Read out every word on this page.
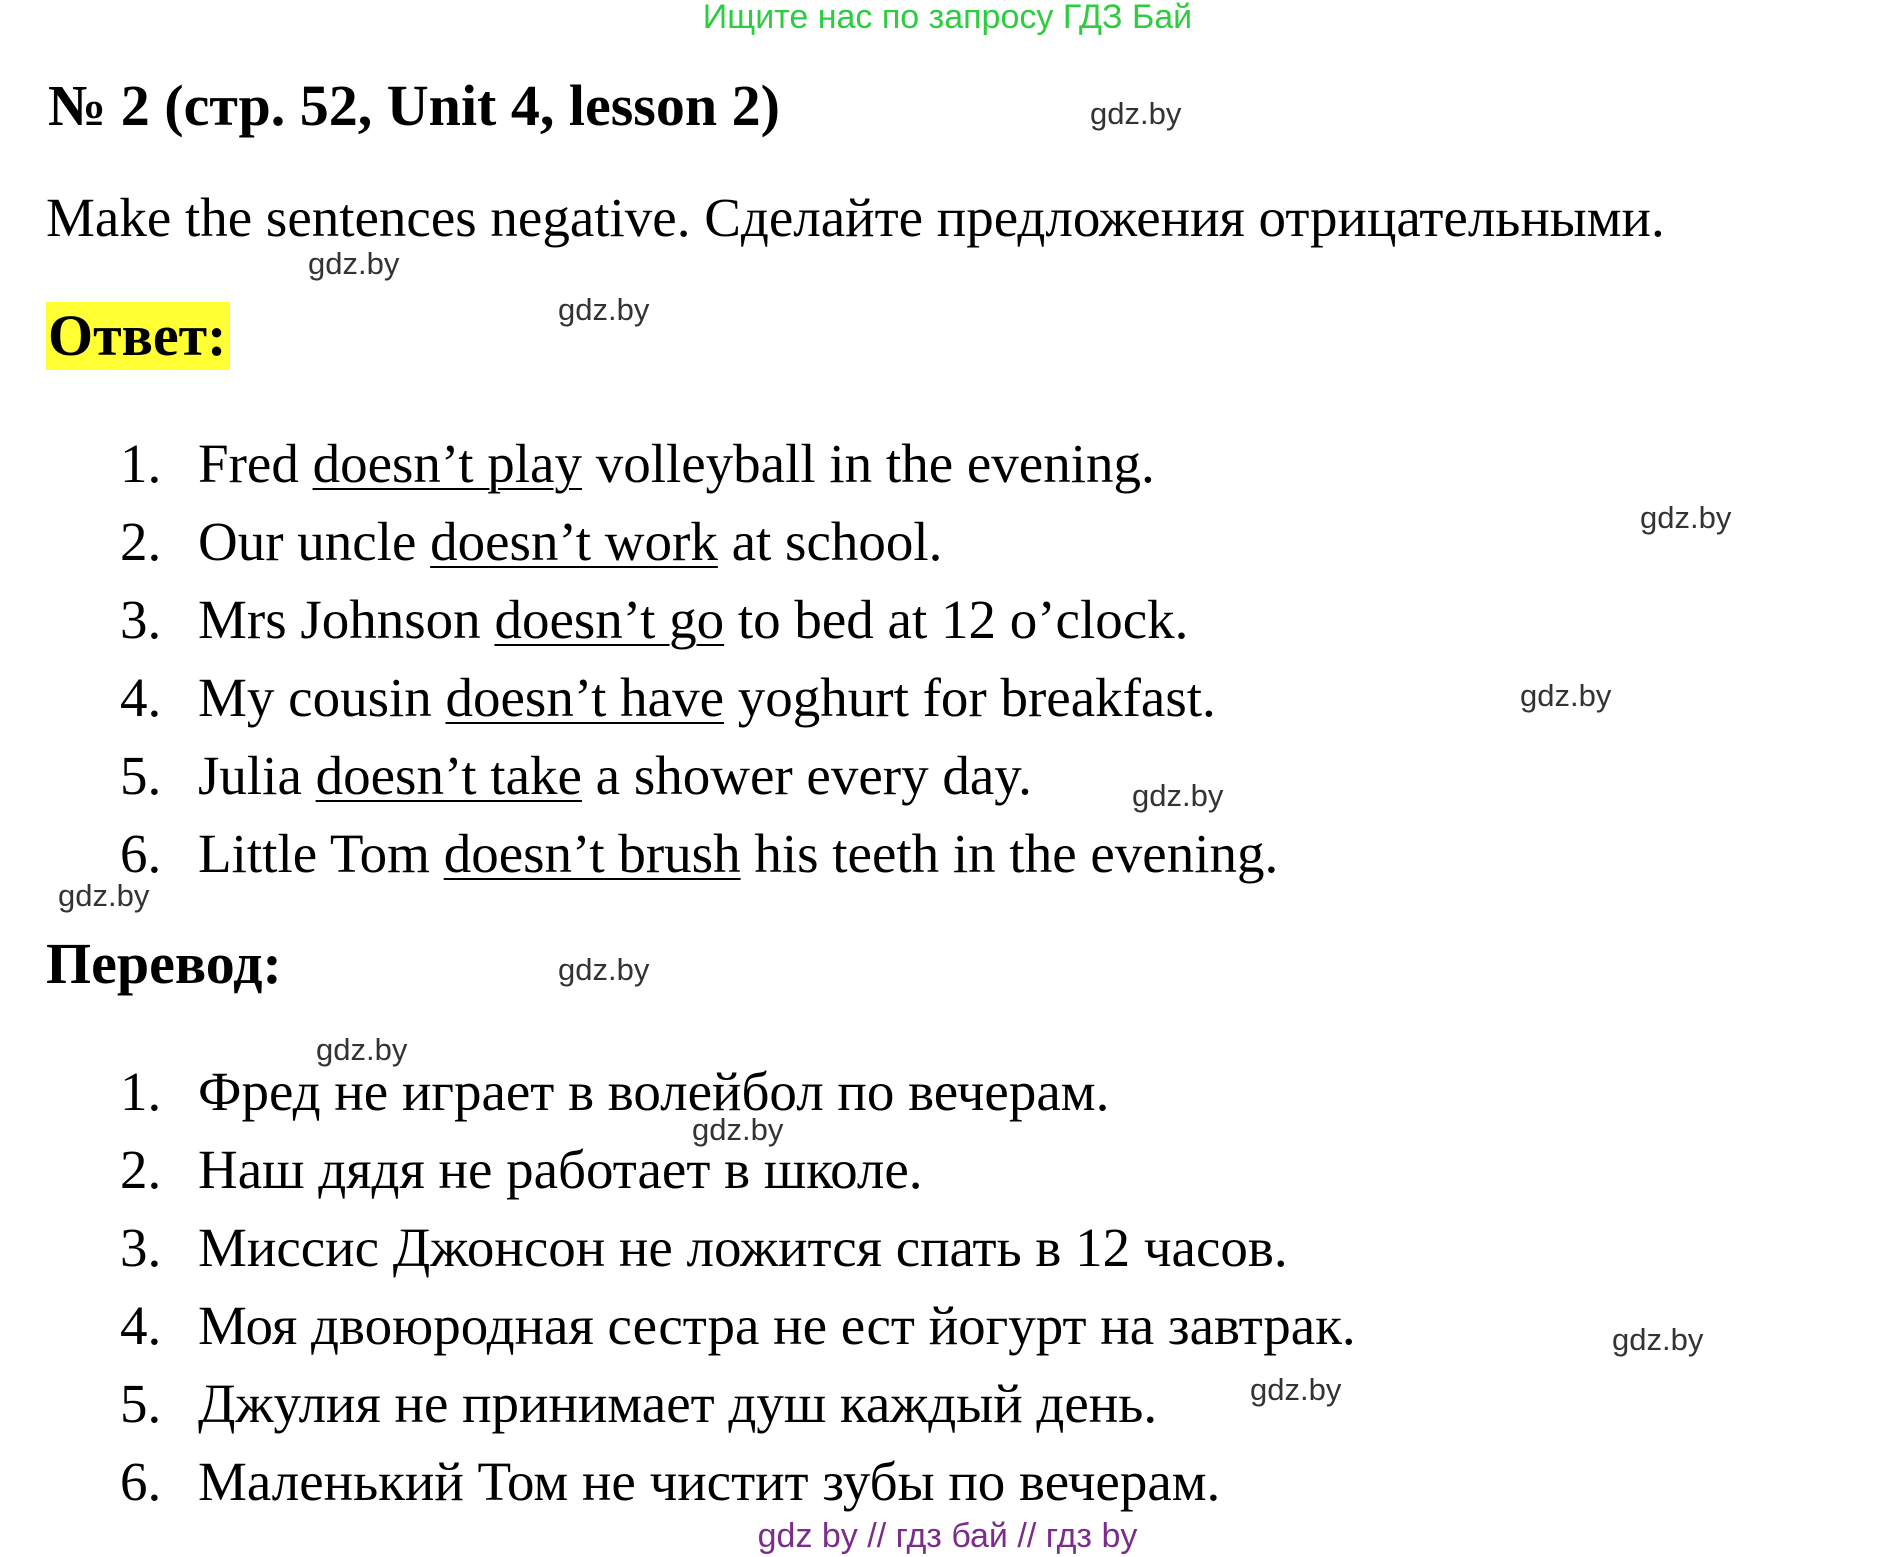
Ищите нас по запросу ГДЗ Бай
№ 2 (стр. 52, Unit 4, lesson 2)
Make the sentences negative. Сделайте предложения отрицательными.
Ответ:
1. Fred doesn’t play volleyball in the evening.
2. Our uncle doesn’t work at school.
3. Mrs Johnson doesn’t go to bed at 12 o’clock.
4. My cousin doesn’t have yoghurt for breakfast.
5. Julia doesn’t take a shower every day.
6. Little Tom doesn’t brush his teeth in the evening.
Перевод:
1. Фред не играет в волейбол по вечерам.
2. Наш дядя не работает в школе.
3. Миссис Джонсон не ложится спать в 12 часов.
4. Моя двоюродная сестра не ест йогурт на завтрак.
5. Джулия не принимает душ каждый день.
6. Маленький Том не чистит зубы по вечерам.
gdz.by
gdz.by
gdz.by
gdz.by
gdz.by
gdz.by
gdz.by
gdz.by
gdz.by
gdz.by
gdz.by
gdz.by
gdz by // гдз бай // гдз by
